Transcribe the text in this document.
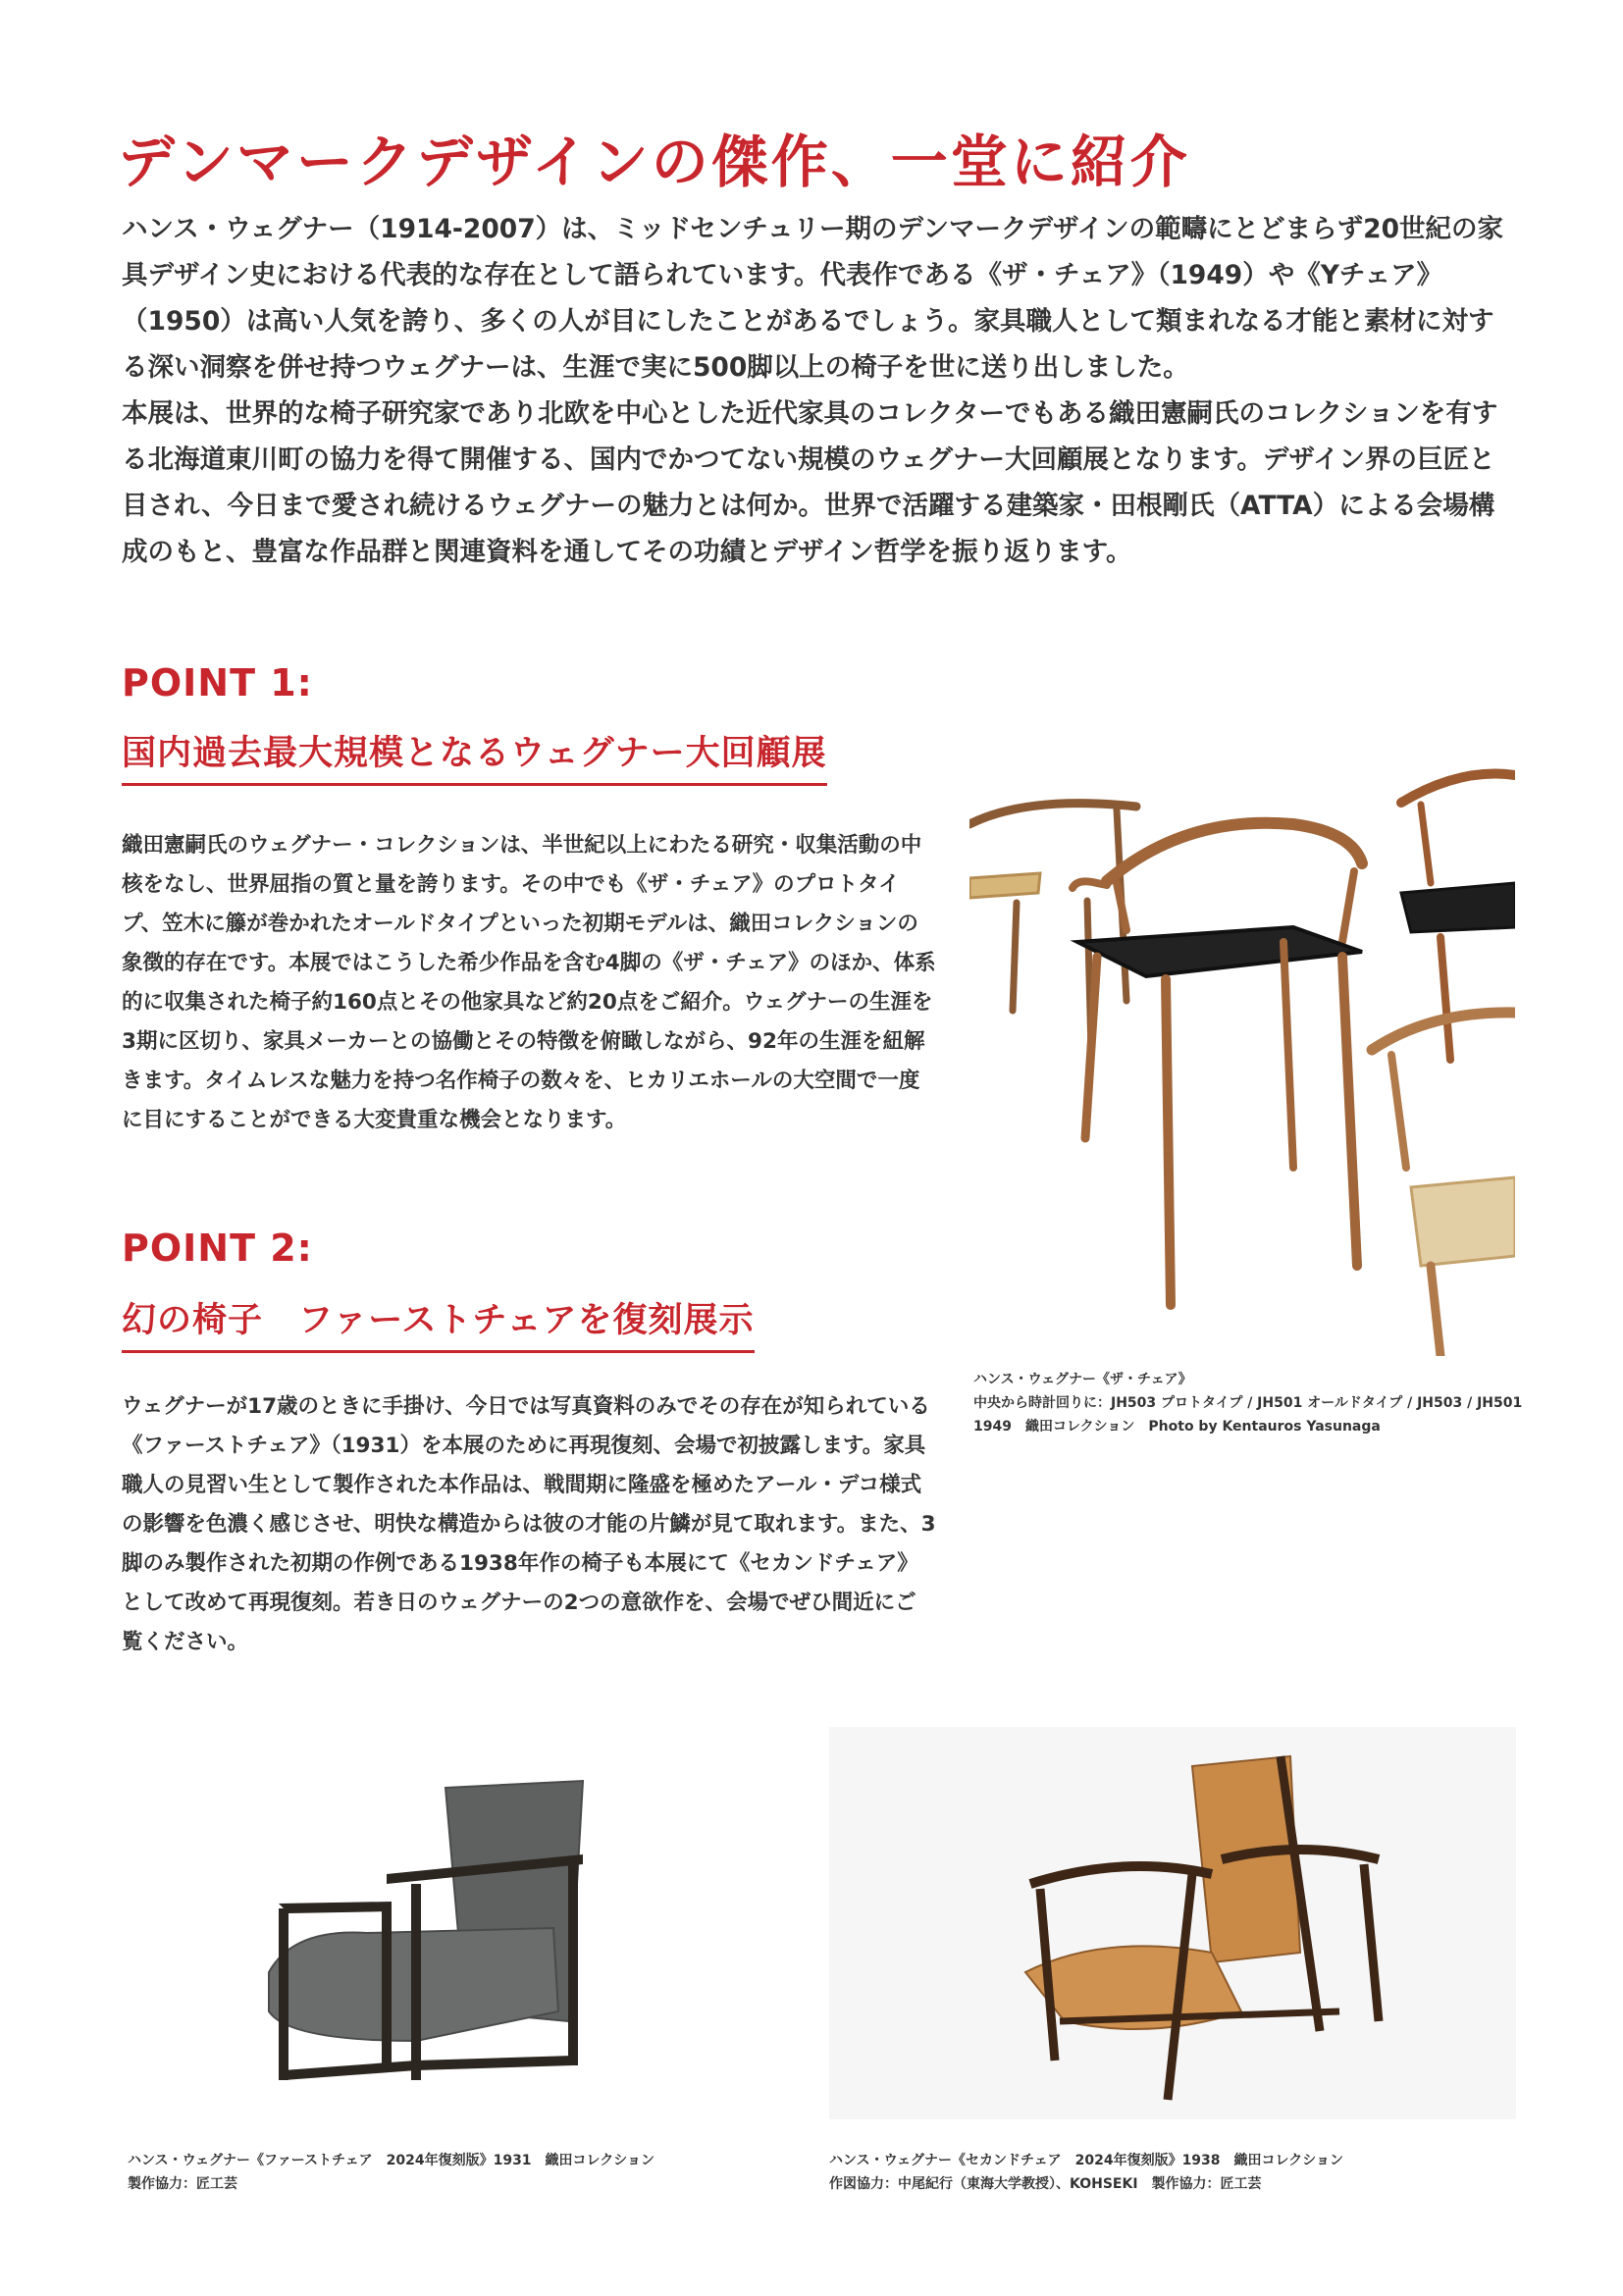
デンマークデザインの傑作、一堂に紹介

ハンス・ウェグナー（1914-2007）は、ミッドセンチュリー期のデンマークデザインの範疇にとどまらず20世紀の家具デザイン史における代表的な存在として語られています。代表作である《ザ・チェア》（1949）や《Yチェア》（1950）は高い人気を誇り、多くの人が目にしたことがあるでしょう。家具職人として類まれなる才能と素材に対する深い洞察を併せ持つウェグナーは、生涯で実に500脚以上の椅子を世に送り出しました。

本展は、世界的な椅子研究家であり北欧を中心とした近代家具のコレクターでもある織田憲嗣氏のコレクションを有する北海道東川町の協力を得て開催する、国内でかつてない規模のウェグナー大回顧展となります。デザイン界の巨匠と目され、今日まで愛され続けるウェグナーの魅力とは何か。世界で活躍する建築家・田根剛氏（ATTA）による会場構成のもと、豊富な作品群と関連資料を通してその功績とデザイン哲学を振り返ります。

POINT 1:
国内過去最大規模となるウェグナー大回顧展
織田憲嗣氏のウェグナー・コレクションは、半世紀以上にわたる研究・収集活動の中核をなし、世界屈指の質と量を誇ります。その中でも《ザ・チェア》のプロトタイプ、笠木に籐が巻かれたオールドタイプといった初期モデルは、織田コレクションの象徴的存在です。本展ではこうした希少作品を含む4脚の《ザ・チェア》のほか、体系的に収集された椅子約160点とその他家具など約20点をご紹介。ウェグナーの生涯を3期に区切り、家具メーカーとの協働とその特徴を俯瞰しながら、92年の生涯を紐解きます。タイムレスな魅力を持つ名作椅子の数々を、ヒカリエホールの大空間で一度に目にすることができる大変貴重な機会となります。
ハンス・ウェグナー《ザ・チェア》
中央から時計回りに：JH503 プロトタイプ / JH501 オールドタイプ / JH503 / JH501
1949　織田コレクション　Photo by Kentauros Yasunaga
POINT 2:
幻の椅子　ファーストチェアを復刻展示
ウェグナーが17歳のときに手掛け、今日では写真資料のみでその存在が知られている《ファーストチェア》（1931）を本展のために再現復刻、会場で初披露します。家具職人の見習い生として製作された本作品は、戦間期に隆盛を極めたアール・デコ様式の影響を色濃く感じさせ、明快な構造からは彼の才能の片鱗が見て取れます。また、3脚のみ製作された初期の作例である1938年作の椅子も本展にて《セカンドチェア》として改めて再現復刻。若き日のウェグナーの2つの意欲作を、会場でぜひ間近にご覧ください。
ハンス・ウェグナー《ファーストチェア　2024年復刻版》1931　織田コレクション
製作協力：匠工芸
ハンス・ウェグナー《セカンドチェア　2024年復刻版》1938　織田コレクション
作図協力：中尾紀行（東海大学教授）、KOHSEKI　製作協力：匠工芸
